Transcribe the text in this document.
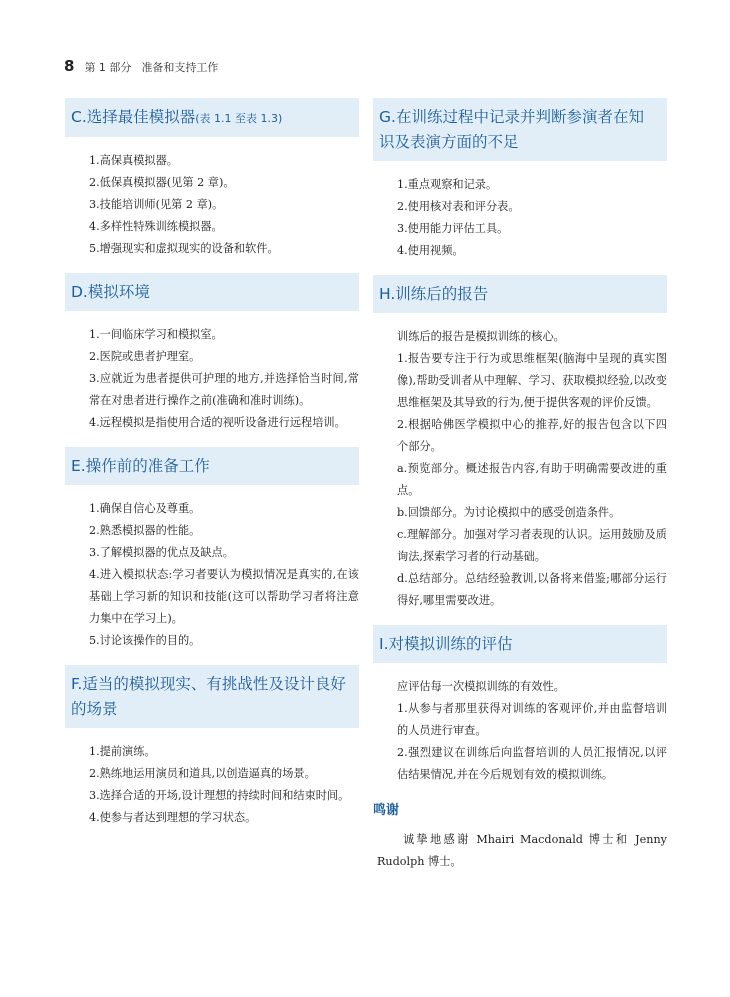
8 第 1 部分 准备和支持工作
C.选择最佳模拟器(表 1.1 至表 1.3)

1.高保真模拟器。

2.低保真模拟器(见第 2 章)。

3.技能培训师(见第 2 章)。

4.多样性特殊训练模拟器。

5.增强现实和虚拟现实的设备和软件。

D.模拟环境

1.一间临床学习和模拟室。

2.医院或患者护理室。

3.应就近为患者提供可护理的地方,并选择恰当时间,常常在对患者进行操作之前(准确和准时训练)。

4.远程模拟是指使用合适的视听设备进行远程培训。

E.操作前的准备工作

1.确保自信心及尊重。

2.熟悉模拟器的性能。

3.了解模拟器的优点及缺点。

4.进入模拟状态:学习者要认为模拟情况是真实的,在该基础上学习新的知识和技能(这可以帮助学习者将注意力集中在学习上)。

5.讨论该操作的目的。

F.适当的模拟现实、有挑战性及设计良好的场景

1.提前演练。

2.熟练地运用演员和道具,以创造逼真的场景。

3.选择合适的开场,设计理想的持续时间和结束时间。

4.使参与者达到理想的学习状态。

G.在训练过程中记录并判断参演者在知识及表演方面的不足

1.重点观察和记录。

2.使用核对表和评分表。

3.使用能力评估工具。

4.使用视频。

H.训练后的报告

训练后的报告是模拟训练的核心。

1.报告要专注于行为或思维框架(脑海中呈现的真实图像),帮助受训者从中理解、学习、获取模拟经验,以改变思维框架及其导致的行为,便于提供客观的评价反馈。

2.根据哈佛医学模拟中心的推荐,好的报告包含以下四个部分。

a.预览部分。概述报告内容,有助于明确需要改进的重点。

b.回馈部分。为讨论模拟中的感受创造条件。

c.理解部分。加强对学习者表现的认识。运用鼓励及质询法,探索学习者的行动基础。

d.总结部分。总结经验教训,以备将来借鉴;哪部分运行得好,哪里需要改进。

I.对模拟训练的评估

应评估每一次模拟训练的有效性。

1.从参与者那里获得对训练的客观评价,并由监督培训的人员进行审查。

2.强烈建议在训练后向监督培训的人员汇报情况,以评估结果情况,并在今后规划有效的模拟训练。

鸣谢

诚挚地感谢 Mhairi Macdonald 博士和 Jenny Rudolph 博士。
